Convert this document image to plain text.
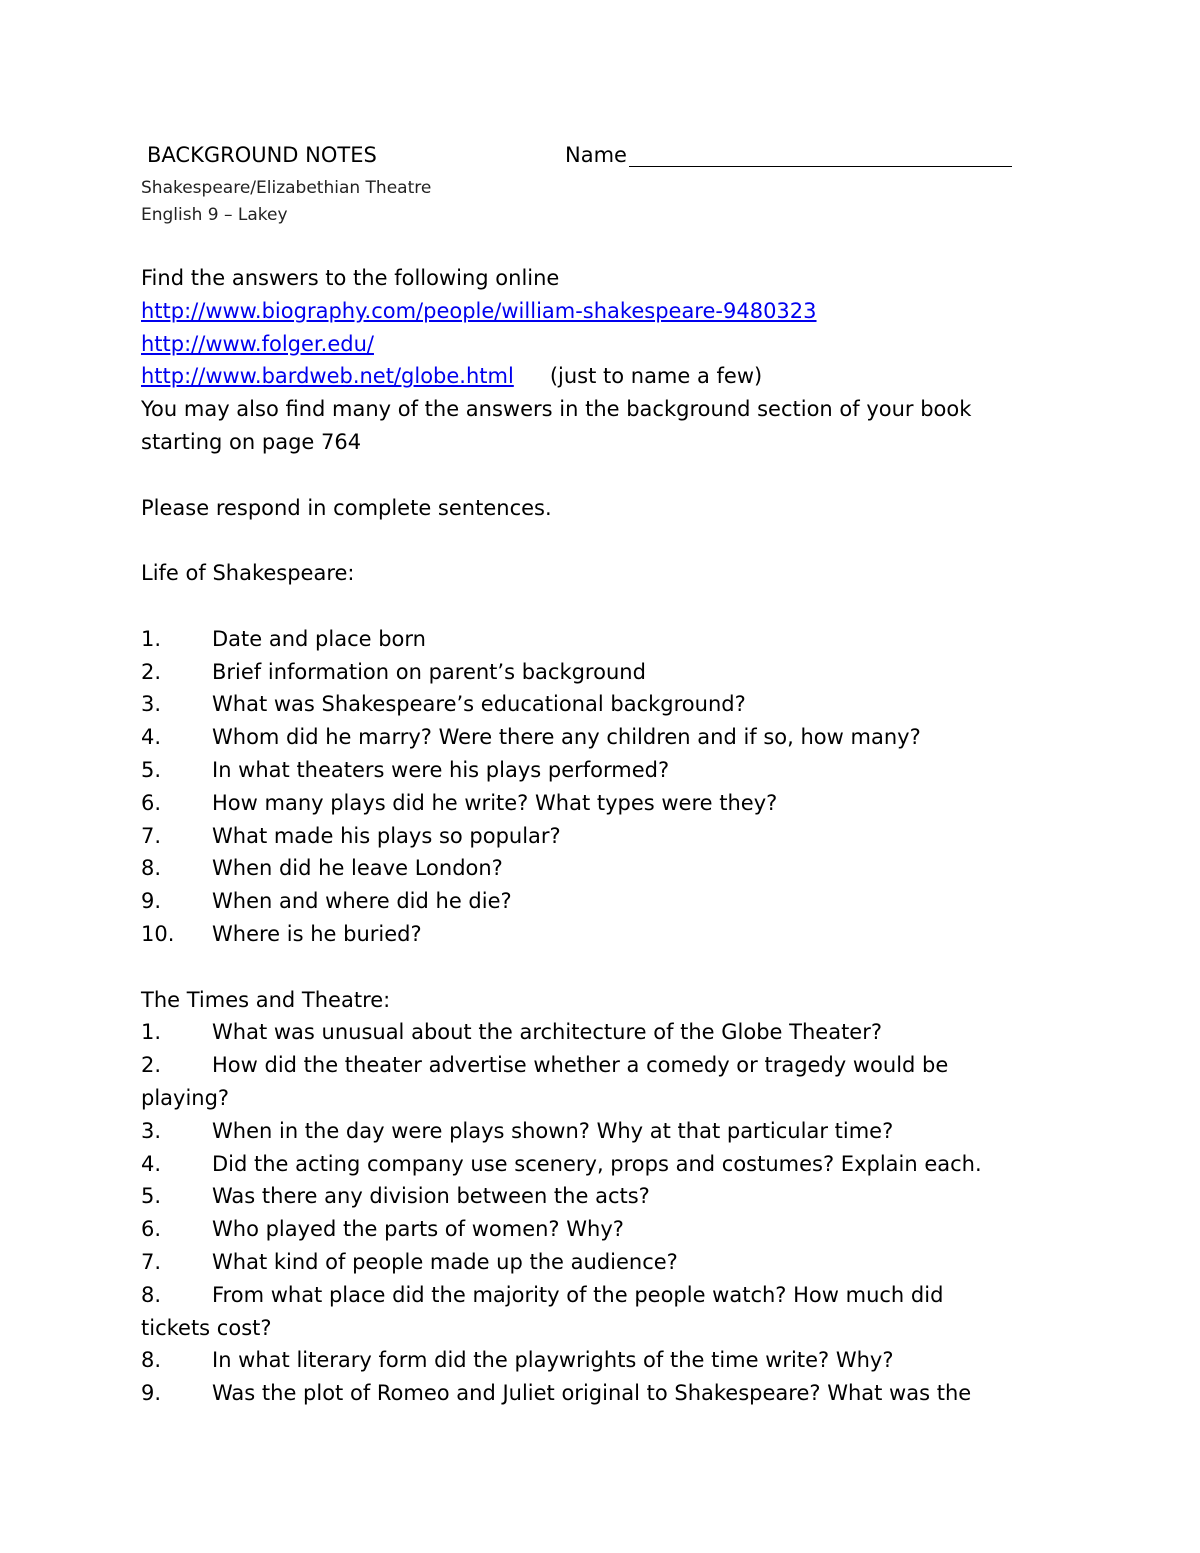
BACKGROUND NOTES	Name
Shakespeare/Elizabethian Theatre
English 9 – Lakey
Find the answers to the following online
http://www.biography.com/people/william-shakespeare-9480323
http://www.folger.edu/
http://www.bardweb.net/globe.html (just to name a few)
You may also find many of the answers in the background section of your book
starting on page 764
Please respond in complete sentences.
Life of Shakespeare:
1. Date and place born
2. Brief information on parent’s background
3. What was Shakespeare’s educational background?
4. Whom did he marry? Were there any children and if so, how many?
5. In what theaters were his plays performed?
6. How many plays did he write? What types were they?
7. What made his plays so popular?
8. When did he leave London?
9. When and where did he die?
10. Where is he buried?
The Times and Theatre:
1. What was unusual about the architecture of the Globe Theater?
2. How did the theater advertise whether a comedy or tragedy would be
playing?
3. When in the day were plays shown? Why at that particular time?
4. Did the acting company use scenery, props and costumes? Explain each.
5. Was there any division between the acts?
6. Who played the parts of women? Why?
7. What kind of people made up the audience?
8. From what place did the majority of the people watch? How much did
tickets cost?
8. In what literary form did the playwrights of the time write? Why?
9. Was the plot of Romeo and Juliet original to Shakespeare? What was the
